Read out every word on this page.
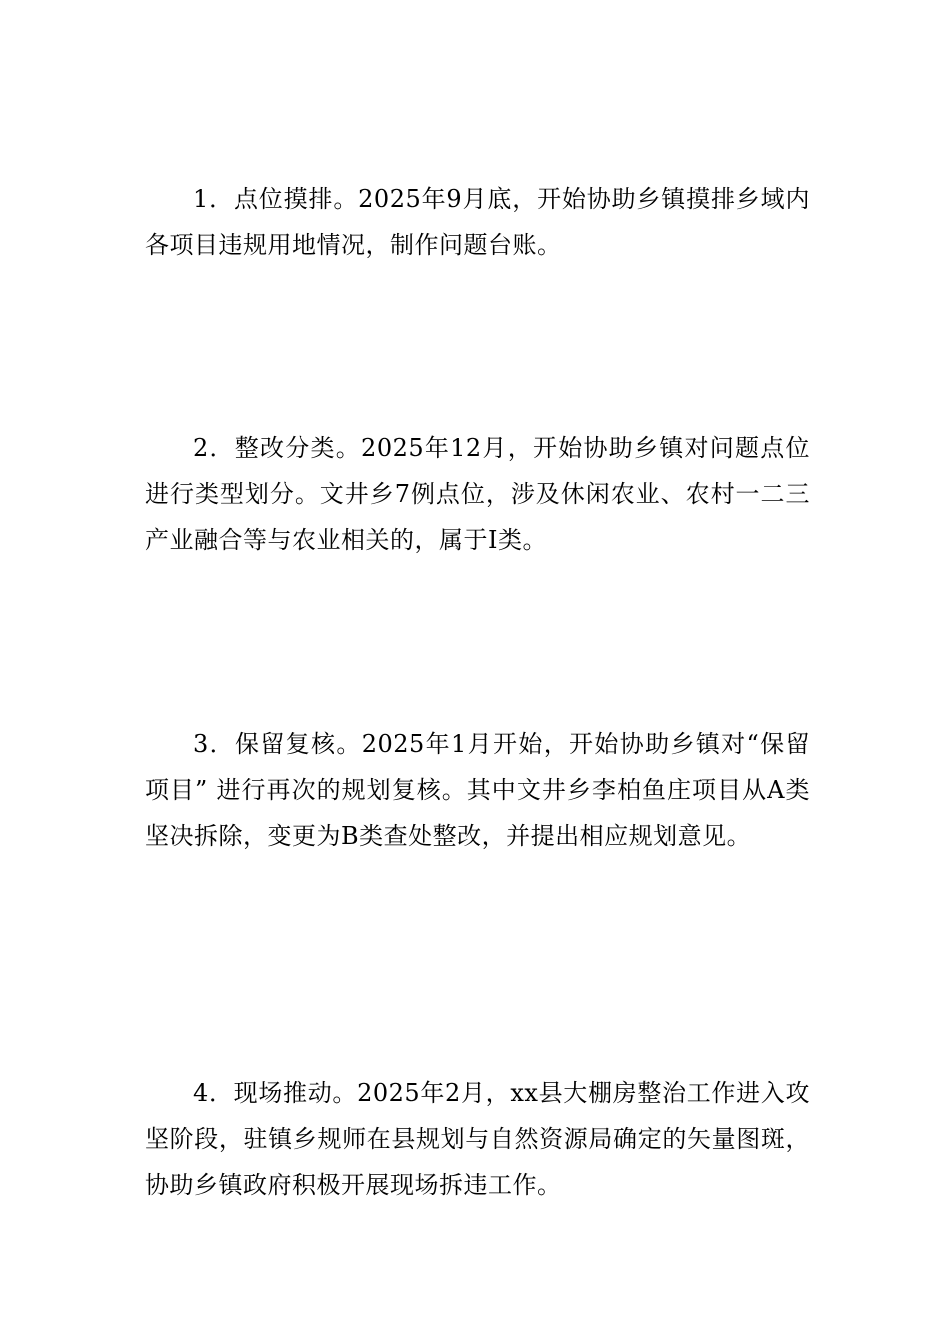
1．点位摸排。2025年9月底，开始协助乡镇摸排乡域内各项目违规用地情况，制作问题台账。

2．整改分类。2025年12月，开始协助乡镇对问题点位进行类型划分。文井乡7例点位，涉及休闲农业、农村一二三产业融合等与农业相关的，属于Ⅰ类。

3．保留复核。2025年1月开始，开始协助乡镇对“保留项目” 进行再次的规划复核。其中文井乡李柏鱼庄项目从A类坚决拆除，变更为B类查处整改，并提出相应规划意见。

4．现场推动。2025年2月，xx县大棚房整治工作进入攻坚阶段，驻镇乡规师在县规划与自然资源局确定的矢量图斑，协助乡镇政府积极开展现场拆违工作。
